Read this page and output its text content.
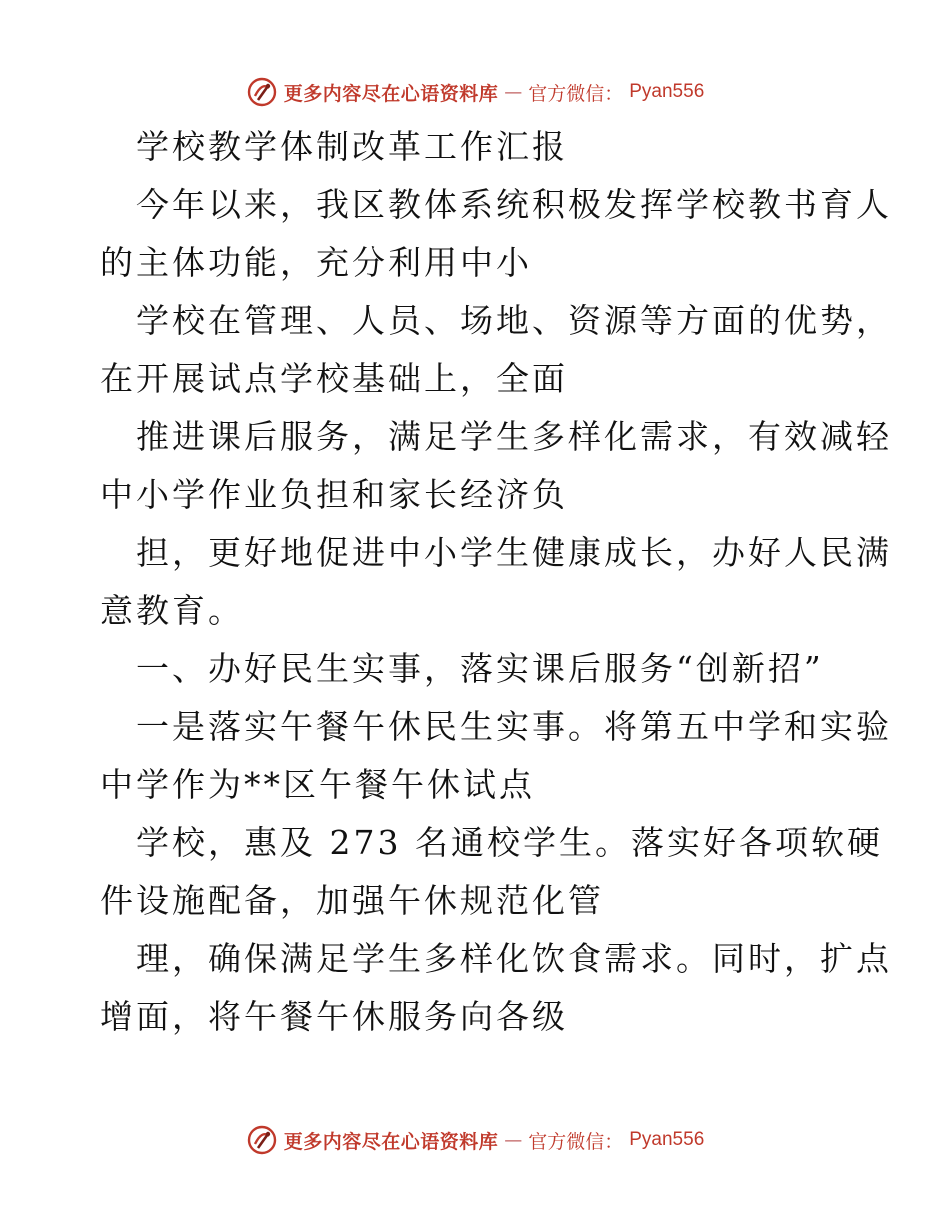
更多内容尽在心语资料库 — 官方微信： Pyan556
学校教学体制改革工作汇报
今年以来，我区教体系统积极发挥学校教书育人
的主体功能，充分利用中小
学校在管理、人员、场地、资源等方面的优势，
在开展试点学校基础上，全面
推进课后服务，满足学生多样化需求，有效减轻
中小学作业负担和家长经济负
担，更好地促进中小学生健康成长，办好人民满
意教育。
一、办好民生实事，落实课后服务“创新招”
一是落实午餐午休民生实事。将第五中学和实验
中学作为**区午餐午休试点
学校，惠及 273 名通校学生。落实好各项软硬
件设施配备，加强午休规范化管
理，确保满足学生多样化饮食需求。同时，扩点
增面，将午餐午休服务向各级
更多内容尽在心语资料库 — 官方微信： Pyan556
